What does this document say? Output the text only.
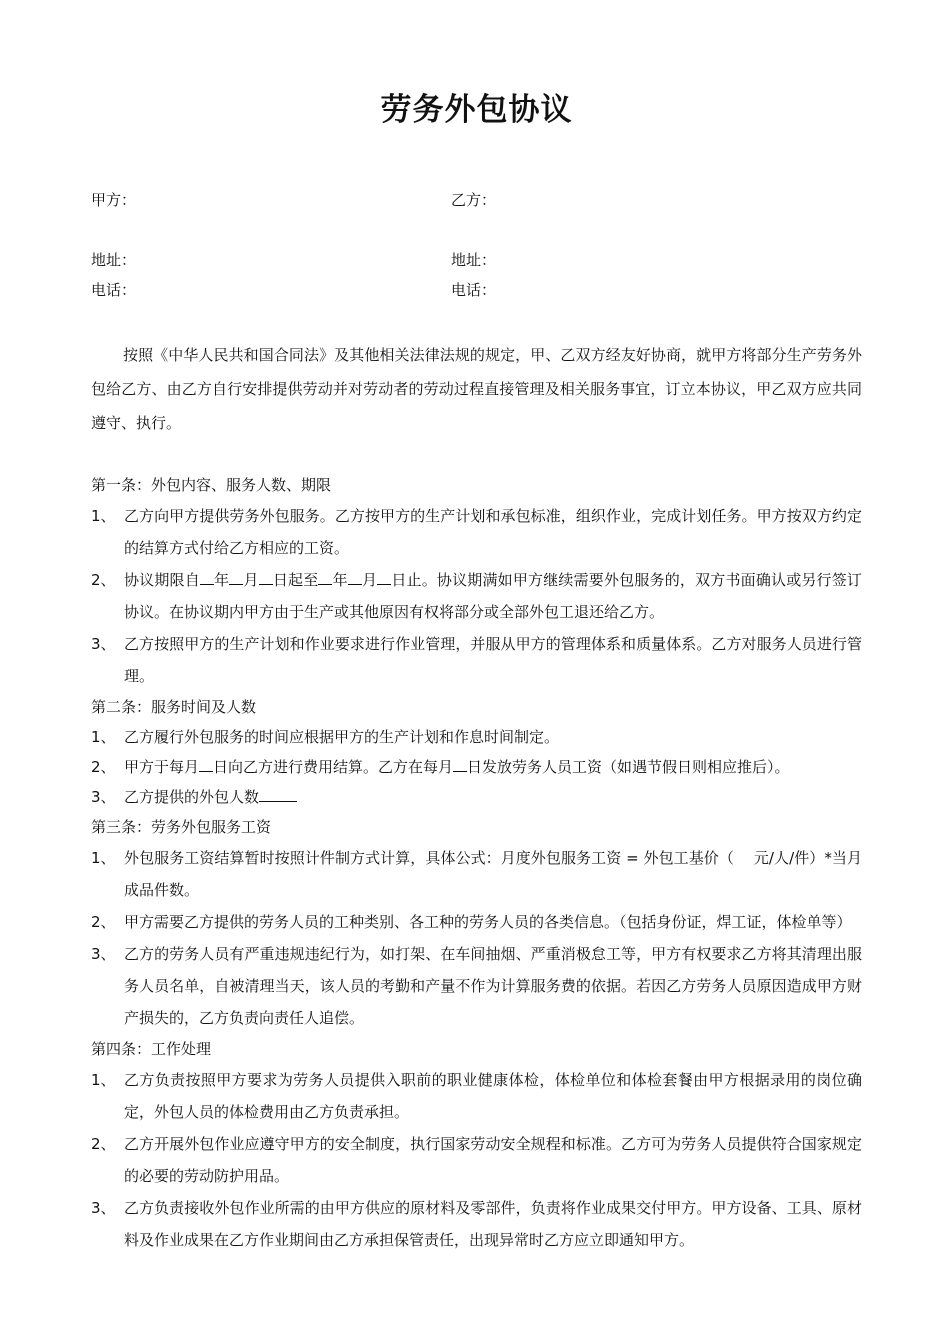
劳务外包协议
甲方：	乙方：
地址：	地址：
电话：	电话：

按照《中华人民共和国合同法》及其他相关法律法规的规定，甲、乙双方经友好协商，就甲方将部分生产劳务外包给乙方、由乙方自行安排提供劳动并对劳动者的劳动过程直接管理及相关服务事宜，订立本协议，甲乙双方应共同遵守、执行。

第一条：外包内容、服务人数、期限
1、 乙方向甲方提供劳务外包服务。乙方按甲方的生产计划和承包标准，组织作业，完成计划任务。甲方按双方约定的结算方式付给乙方相应的工资。
2、 协议期限自 年 月 日起至 年 月 日止。协议期满如甲方继续需要外包服务的，双方书面确认或另行签订协议。在协议期内甲方由于生产或其他原因有权将部分或全部外包工退还给乙方。
3、 乙方按照甲方的生产计划和作业要求进行作业管理，并服从甲方的管理体系和质量体系。乙方对服务人员进行管理。
第二条：服务时间及人数
1、 乙方履行外包服务的时间应根据甲方的生产计划和作息时间制定。
2、 甲方于每月 日向乙方进行费用结算。乙方在每月 日发放劳务人员工资（如遇节假日则相应推后）。
3、 乙方提供的外包人数
第三条：劳务外包服务工资
1、 外包服务工资结算暂时按照计件制方式计算，具体公式：月度外包服务工资 = 外包工基价（　 元/人/件）*当月成品件数。
2、 甲方需要乙方提供的劳务人员的工种类别、各工种的劳务人员的各类信息。（包括身份证，焊工证，体检单等）
3、 乙方的劳务人员有严重违规违纪行为，如打架、在车间抽烟、严重消极怠工等，甲方有权要求乙方将其清理出服务人员名单，自被清理当天，该人员的考勤和产量不作为计算服务费的依据。若因乙方劳务人员原因造成甲方财产损失的，乙方负责向责任人追偿。
第四条：工作处理
1、 乙方负责按照甲方要求为劳务人员提供入职前的职业健康体检，体检单位和体检套餐由甲方根据录用的岗位确定，外包人员的体检费用由乙方负责承担。
2、 乙方开展外包作业应遵守甲方的安全制度，执行国家劳动安全规程和标准。乙方可为劳务人员提供符合国家规定的必要的劳动防护用品。
3、 乙方负责接收外包作业所需的由甲方供应的原材料及零部件，负责将作业成果交付甲方。甲方设备、工具、原材料及作业成果在乙方作业期间由乙方承担保管责任，出现异常时乙方应立即通知甲方。
